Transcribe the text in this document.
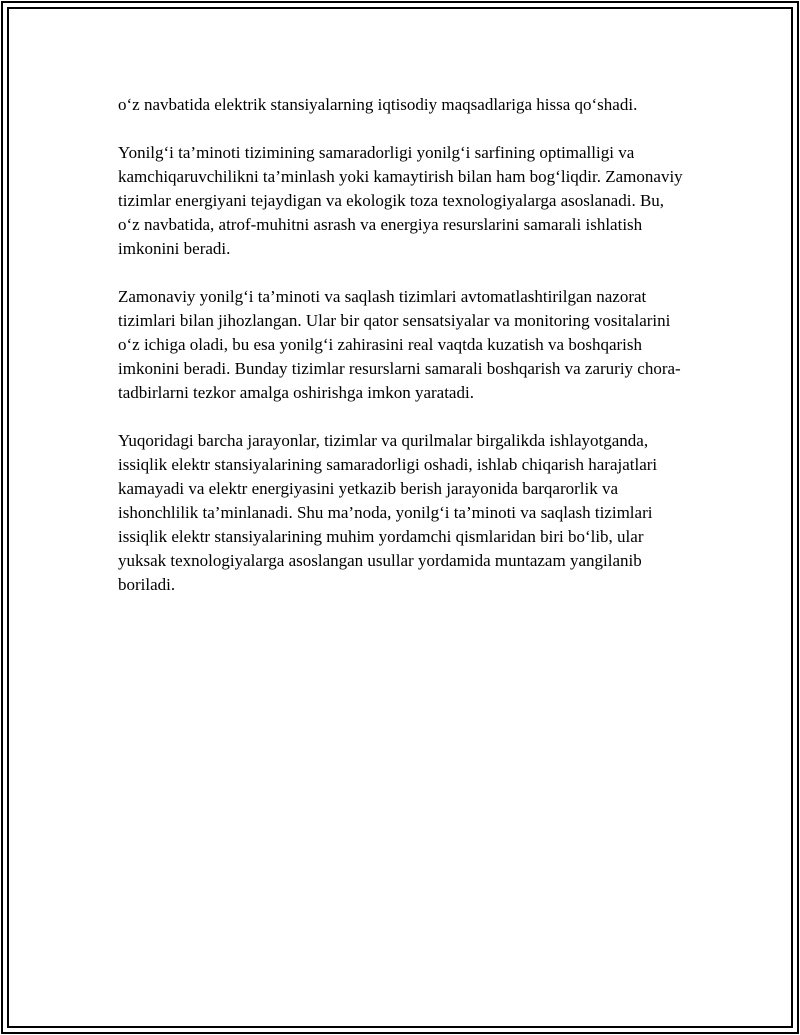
o‘z navbatida elektrik stansiyalarning iqtisodiy maqsadlariga hissa qo‘shadi.

Yonilg‘i ta’minoti tizimining samaradorligi yonilg‘i sarfining optimalligi va kamchiqaruvchilikni ta’minlash yoki kamaytirish bilan ham bog‘liqdir. Zamonaviy tizimlar energiyani tejaydigan va ekologik toza texnologiyalarga asoslanadi. Bu, o‘z navbatida, atrof-muhitni asrash va energiya resurslarini samarali ishlatish imkonini beradi.

Zamonaviy yonilg‘i ta’minoti va saqlash tizimlari avtomatlashtirilgan nazorat tizimlari bilan jihozlangan. Ular bir qator sensatsiyalar va monitoring vositalarini o‘z ichiga oladi, bu esa yonilg‘i zahirasini real vaqtda kuzatish va boshqarish imkonini beradi. Bunday tizimlar resurslarni samarali boshqarish va zaruriy chora-tadbirlarni tezkor amalga oshirishga imkon yaratadi.

Yuqoridagi barcha jarayonlar, tizimlar va qurilmalar birgalikda ishlayotganda, issiqlik elektr stansiyalarining samaradorligi oshadi, ishlab chiqarish harajatlari kamayadi va elektr energiyasini yetkazib berish jarayonida barqarorlik va ishonchlilik ta’minlanadi. Shu ma’noda, yonilg‘i ta’minoti va saqlash tizimlari issiqlik elektr stansiyalarining muhim yordamchi qismlaridan biri bo‘lib, ular yuksak texnologiyalarga asoslangan usullar yordamida muntazam yangilanib boriladi.
